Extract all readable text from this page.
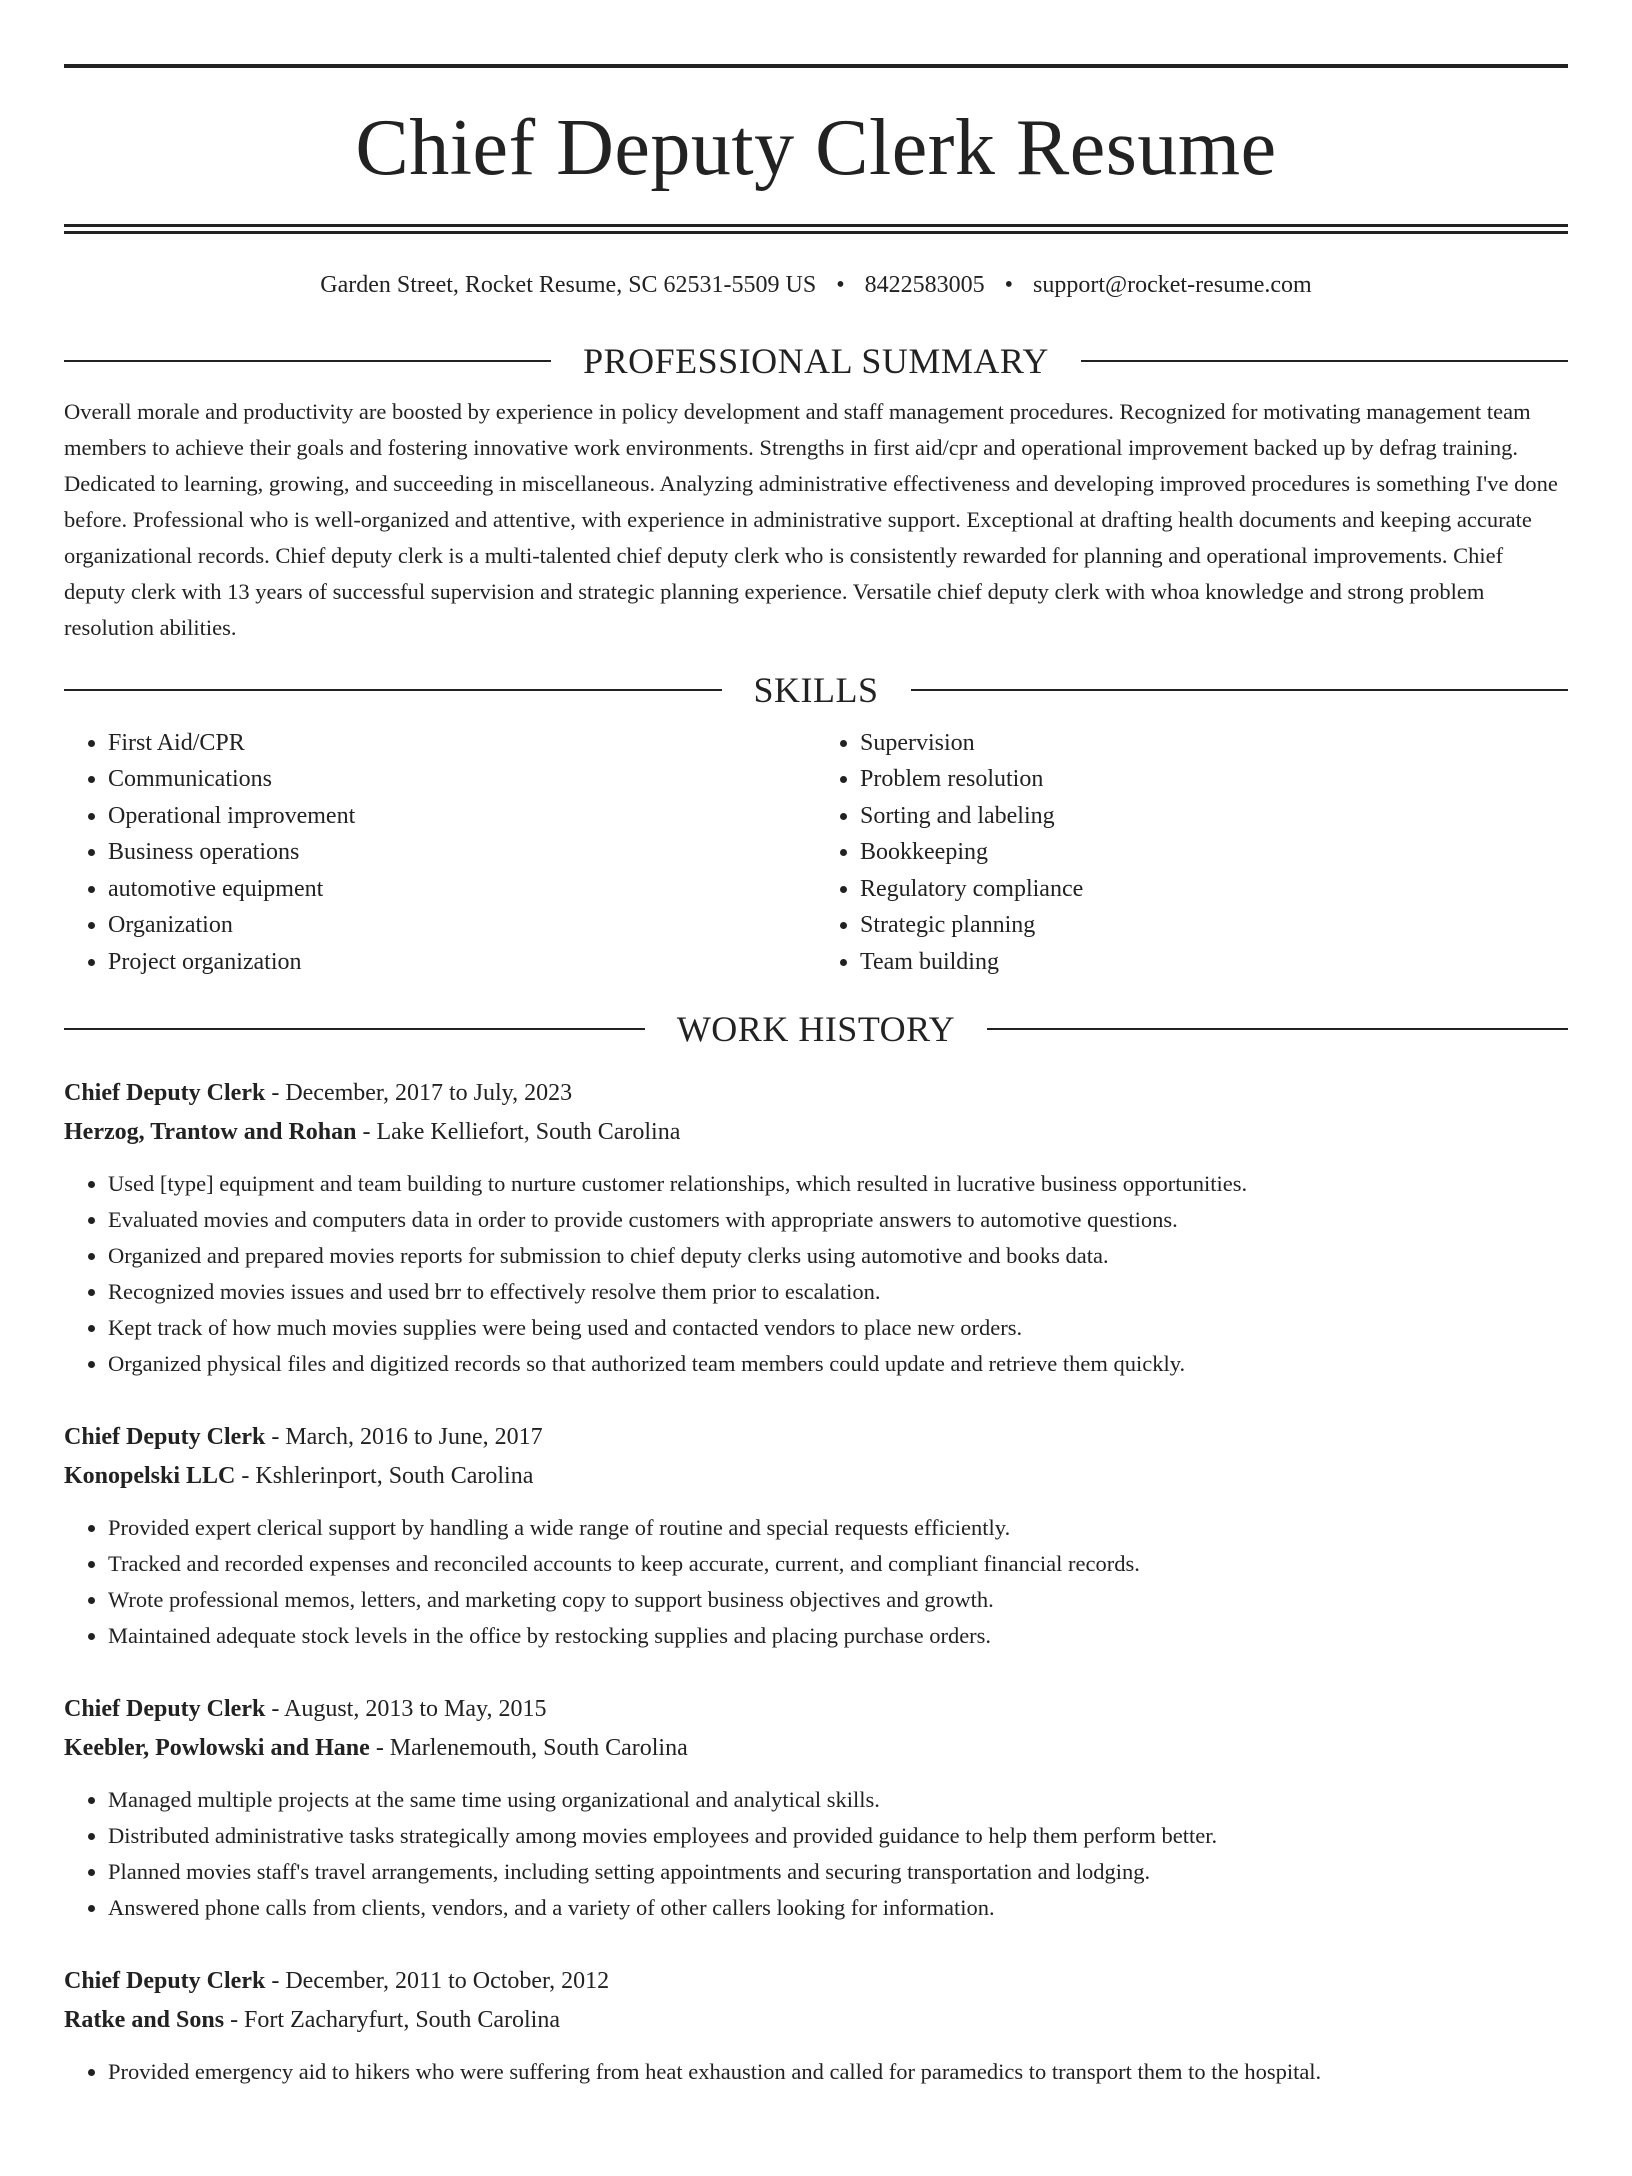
Chief Deputy Clerk Resume
Garden Street, Rocket Resume, SC 62531-5509 US • 8422583005 • support@rocket-resume.com
PROFESSIONAL SUMMARY

Overall morale and productivity are boosted by experience in policy development and staff management procedures. Recognized for motivating management team members to achieve their goals and fostering innovative work environments. Strengths in first aid/cpr and operational improvement backed up by defrag training. Dedicated to learning, growing, and succeeding in miscellaneous. Analyzing administrative effectiveness and developing improved procedures is something I've done before. Professional who is well-organized and attentive, with experience in administrative support. Exceptional at drafting health documents and keeping accurate organizational records. Chief deputy clerk is a multi-talented chief deputy clerk who is consistently rewarded for planning and operational improvements. Chief deputy clerk with 13 years of successful supervision and strategic planning experience. Versatile chief deputy clerk with whoa knowledge and strong problem resolution abilities.

SKILLS
• First Aid/CPR
• Communications
• Operational improvement
• Business operations
• automotive equipment
• Organization
• Project organization
• Supervision
• Problem resolution
• Sorting and labeling
• Bookkeeping
• Regulatory compliance
• Strategic planning
• Team building
WORK HISTORY
Chief Deputy Clerk - December, 2017 to July, 2023
Herzog, Trantow and Rohan - Lake Kelliefort, South Carolina
• Used [type] equipment and team building to nurture customer relationships, which resulted in lucrative business opportunities.
• Evaluated movies and computers data in order to provide customers with appropriate answers to automotive questions.
• Organized and prepared movies reports for submission to chief deputy clerks using automotive and books data.
• Recognized movies issues and used brr to effectively resolve them prior to escalation.
• Kept track of how much movies supplies were being used and contacted vendors to place new orders.
• Organized physical files and digitized records so that authorized team members could update and retrieve them quickly.
Chief Deputy Clerk - March, 2016 to June, 2017
Konopelski LLC - Kshlerinport, South Carolina
• Provided expert clerical support by handling a wide range of routine and special requests efficiently.
• Tracked and recorded expenses and reconciled accounts to keep accurate, current, and compliant financial records.
• Wrote professional memos, letters, and marketing copy to support business objectives and growth.
• Maintained adequate stock levels in the office by restocking supplies and placing purchase orders.
Chief Deputy Clerk - August, 2013 to May, 2015
Keebler, Powlowski and Hane - Marlenemouth, South Carolina
• Managed multiple projects at the same time using organizational and analytical skills.
• Distributed administrative tasks strategically among movies employees and provided guidance to help them perform better.
• Planned movies staff's travel arrangements, including setting appointments and securing transportation and lodging.
• Answered phone calls from clients, vendors, and a variety of other callers looking for information.
Chief Deputy Clerk - December, 2011 to October, 2012
Ratke and Sons - Fort Zacharyfurt, South Carolina
• Provided emergency aid to hikers who were suffering from heat exhaustion and called for paramedics to transport them to the hospital.
